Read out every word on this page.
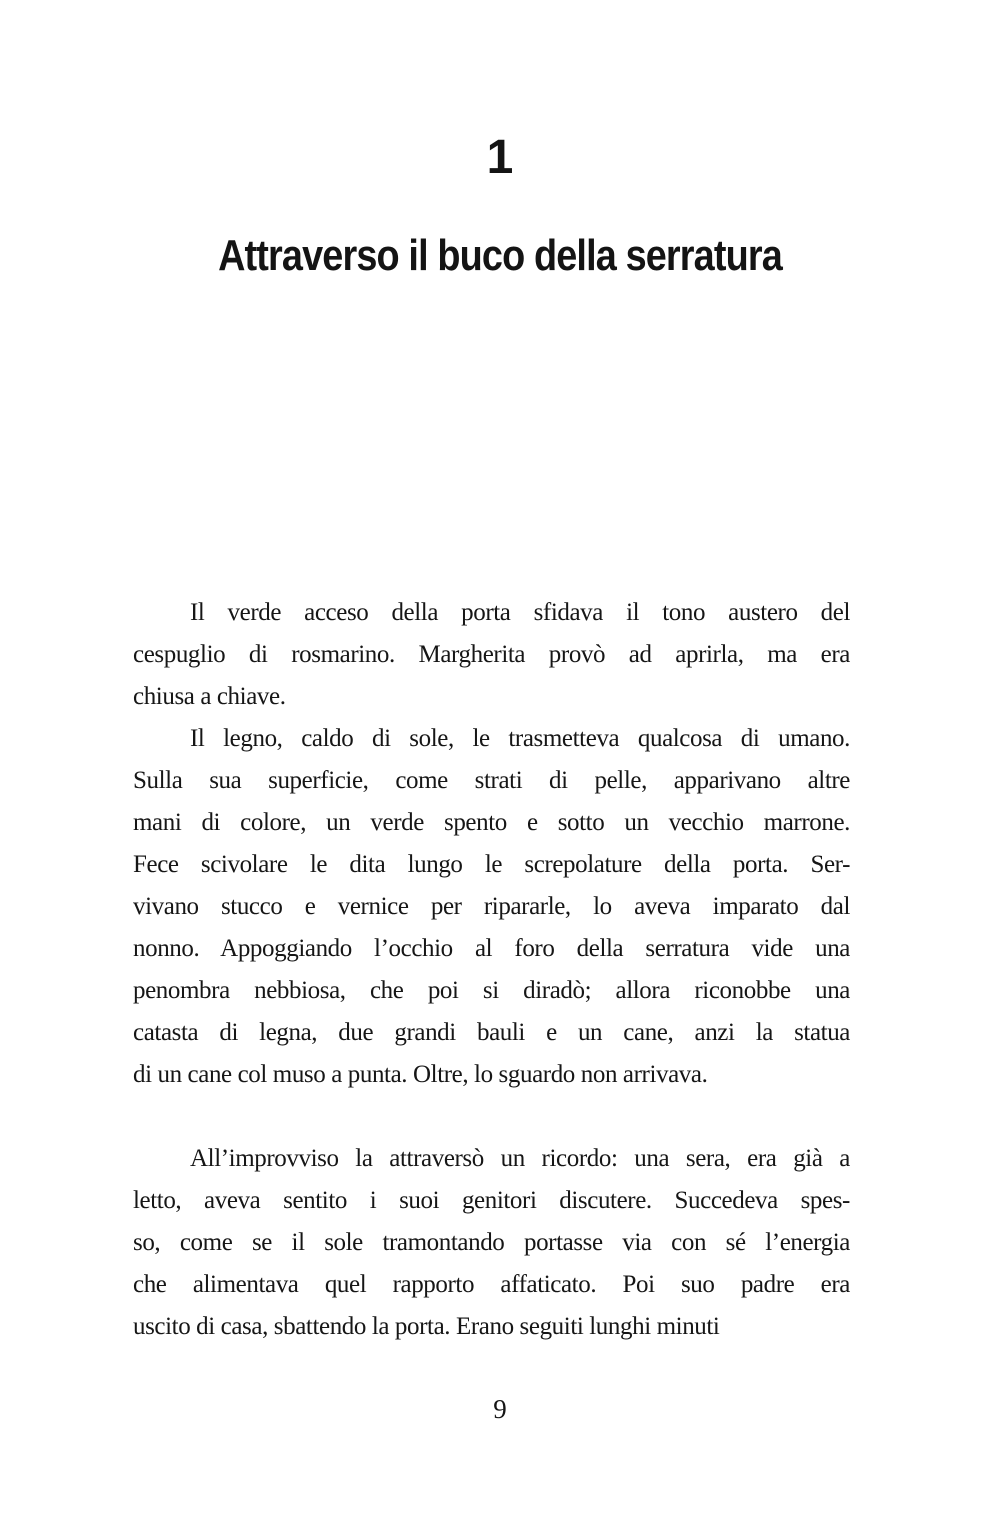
1
Attraverso il buco della serratura
Il verde acceso della porta sfidava il tono austero del
cespuglio di rosmarino. Margherita provò ad aprirla, ma era
chiusa a chiave.
Il legno, caldo di sole, le trasmetteva qualcosa di umano.
Sulla sua superficie, come strati di pelle, apparivano altre
mani di colore, un verde spento e sotto un vecchio marrone.
Fece scivolare le dita lungo le screpolature della porta. Ser-
vivano stucco e vernice per ripararle, lo aveva imparato dal
nonno. Appoggiando l’occhio al foro della serratura vide una
penombra nebbiosa, che poi si diradò; allora riconobbe una
catasta di legna, due grandi bauli e un cane, anzi la statua
di un cane col muso a punta. Oltre, lo sguardo non arrivava.
All’improvviso la attraversò un ricordo: una sera, era già a
letto, aveva sentito i suoi genitori discutere. Succedeva spes-
so, come se il sole tramontando portasse via con sé l’energia
che alimentava quel rapporto affaticato. Poi suo padre era
uscito di casa, sbattendo la porta. Erano seguiti lunghi minuti
9
